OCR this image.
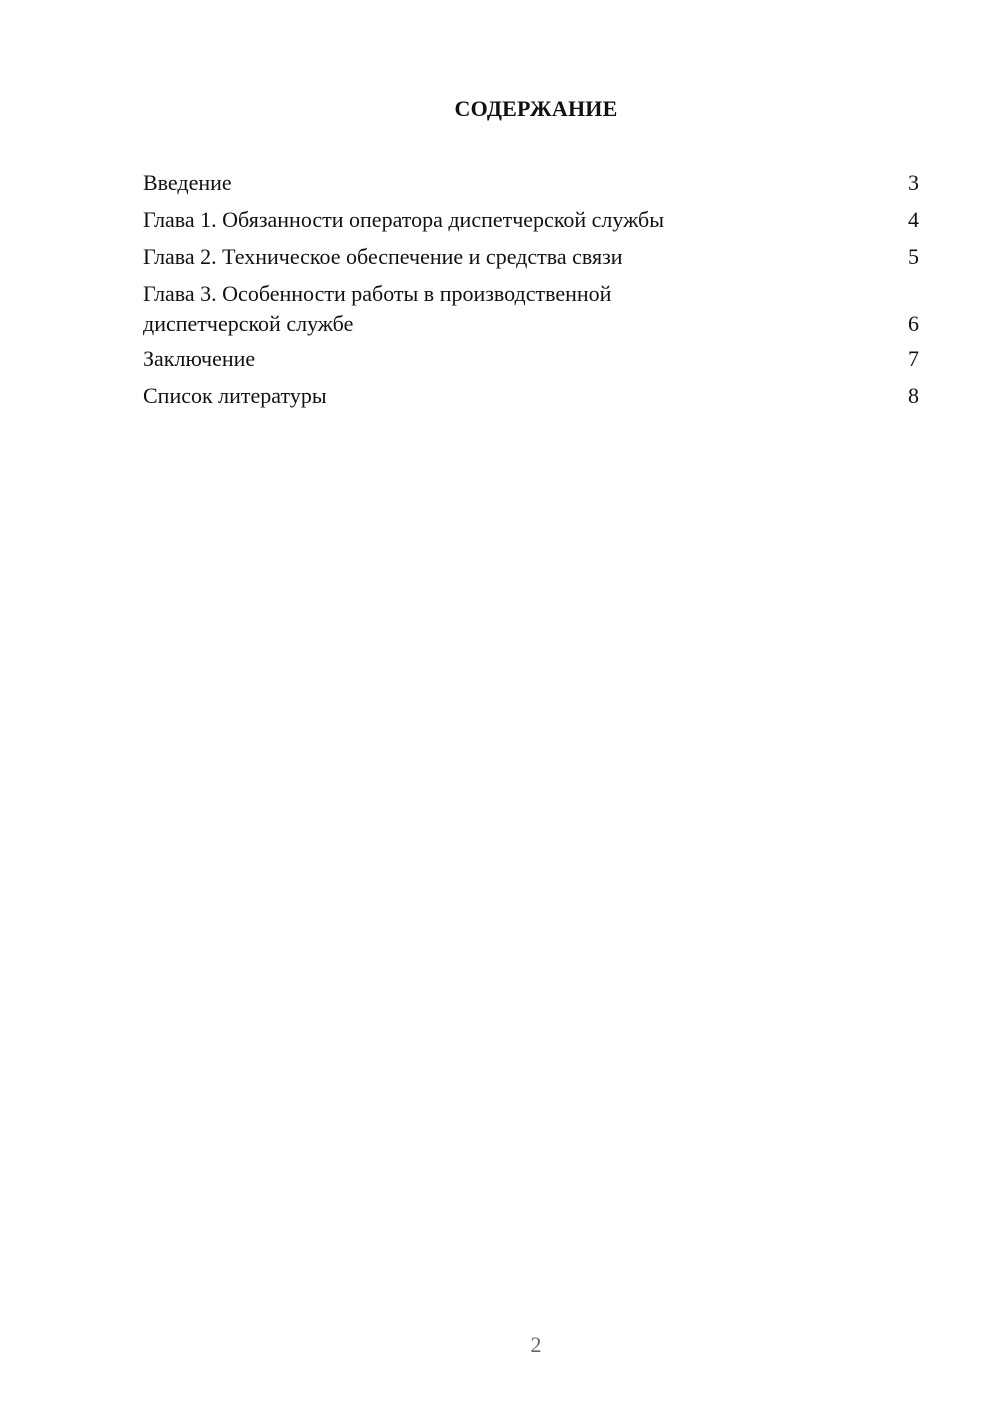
СОДЕРЖАНИЕ
Введение	3
Глава 1. Обязанности оператора диспетчерской службы	4
Глава 2. Техническое обеспечение и средства связи	5
Глава 3. Особенности работы в производственной
диспетчерской службе	6
Заключение	7
Список литературы	8
2
